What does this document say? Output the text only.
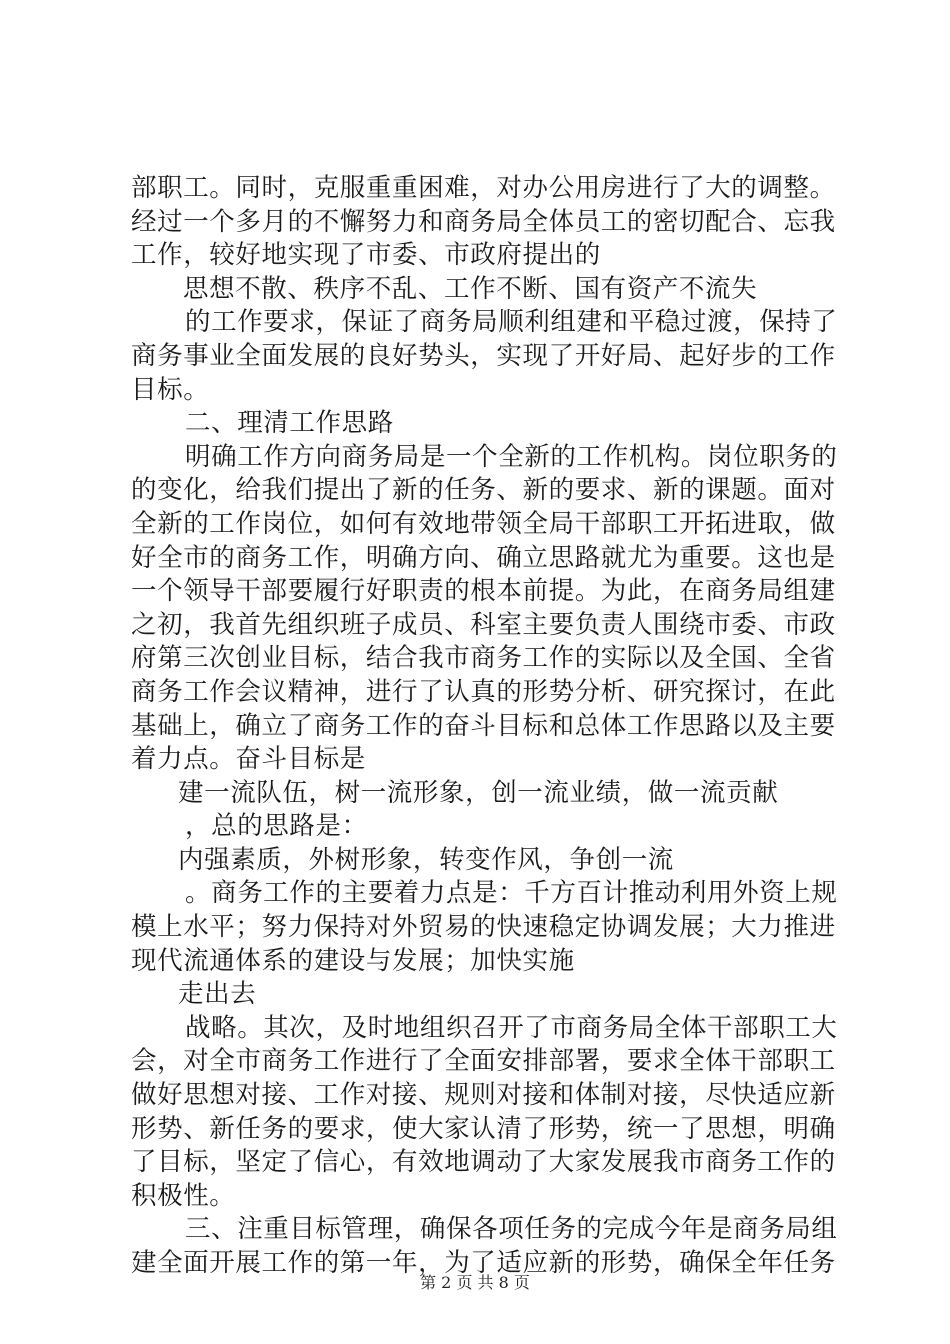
部职工。同时，克服重重困难，对办公用房进行了大的调整。
经过一个多月的不懈努力和商务局全体员工的密切配合、忘我
工作，较好地实现了市委、市政府提出的
思想不散、秩序不乱、工作不断、国有资产不流失
的工作要求，保证了商务局顺利组建和平稳过渡，保持了
商务事业全面发展的良好势头，实现了开好局、起好步的工作
目标。
二、理清工作思路
明确工作方向商务局是一个全新的工作机构。岗位职务的
的变化，给我们提出了新的任务、新的要求、新的课题。面对
全新的工作岗位，如何有效地带领全局干部职工开拓进取，做
好全市的商务工作，明确方向、确立思路就尤为重要。这也是
一个领导干部要履行好职责的根本前提。为此，在商务局组建
之初，我首先组织班子成员、科室主要负责人围绕市委、市政
府第三次创业目标，结合我市商务工作的实际以及全国、全省
商务工作会议精神，进行了认真的形势分析、研究探讨，在此
基础上，确立了商务工作的奋斗目标和总体工作思路以及主要
着力点。奋斗目标是
建一流队伍，树一流形象，创一流业绩，做一流贡献
，总的思路是：
内强素质，外树形象，转变作风，争创一流
。商务工作的主要着力点是：千方百计推动利用外资上规
模上水平；努力保持对外贸易的快速稳定协调发展；大力推进
现代流通体系的建设与发展；加快实施
走出去
战略。其次，及时地组织召开了市商务局全体干部职工大
会，对全市商务工作进行了全面安排部署，要求全体干部职工
做好思想对接、工作对接、规则对接和体制对接，尽快适应新
形势、新任务的要求，使大家认清了形势，统一了思想，明确
了目标，坚定了信心，有效地调动了大家发展我市商务工作的
积极性。
三、注重目标管理，确保各项任务的完成今年是商务局组
建全面开展工作的第一年，为了适应新的形势，确保全年任务
第 2 页 共 8 页
